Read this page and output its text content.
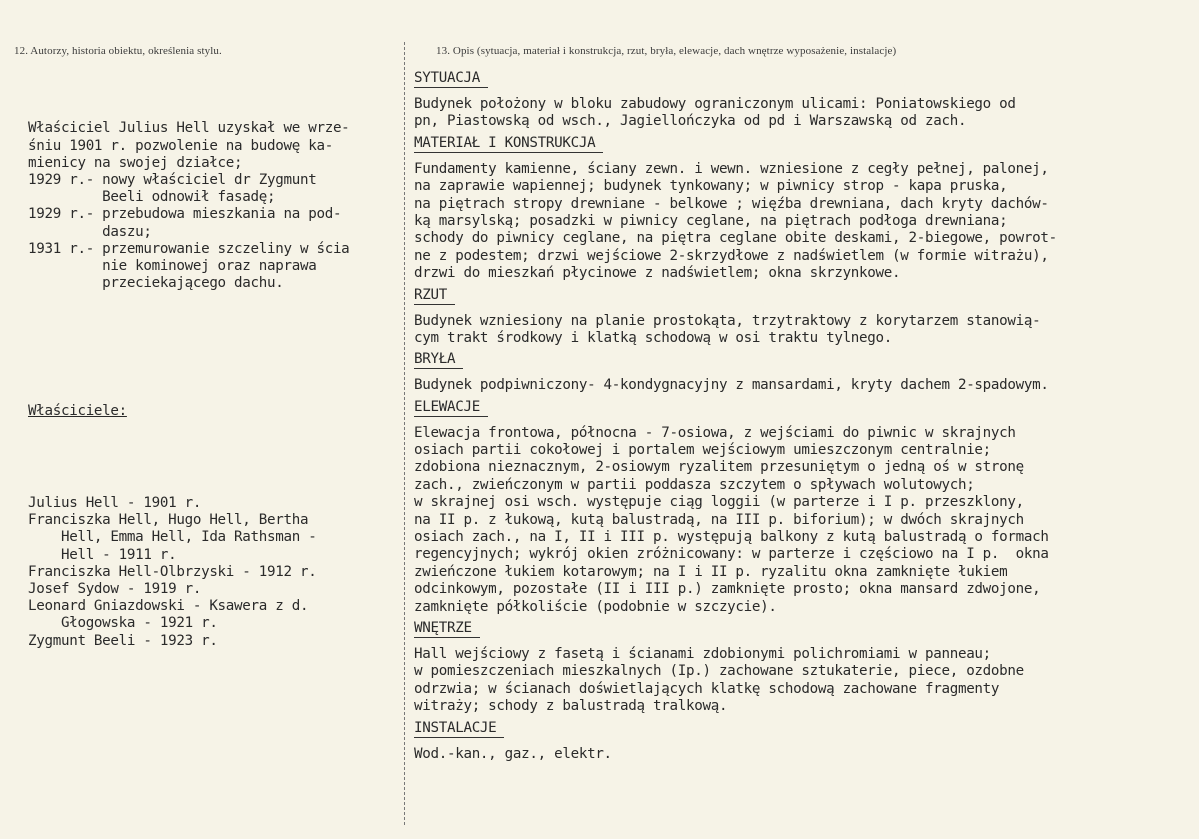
12. Autorzy, historia obiektu, określenia stylu.	13. Opis (sytuacja, materiał i konstrukcja, rzut, bryła, elewacje, dach wnętrze wyposażenie, instalacje)

Właściciel Julius Hell uzyskał we wrze-
śniu 1901 r. pozwolenie na budowę ka-
mienicy na swojej działce;
1929 r.- nowy właściciel dr Zygmunt
Beeli odnowił fasadę;
1929 r.- przebudowa mieszkania na pod-
daszu;
1931 r.- przemurowanie szczeliny w ścia
nie kominowej oraz naprawa
przeciekającego dachu.

Właściciele:

Julius Hell - 1901 r.
Franciszka Hell, Hugo Hell, Bertha
Hell, Emma Hell, Ida Rathsman -
Hell - 1911 r.
Franciszka Hell-Olbrzyski - 1912 r.
Josef Sydow - 1919 r.
Leonard Gniazdowski - Ksawera z d.
Głogowska - 1921 r.
Zygmunt Beeli - 1923 r.

SYTUACJA
Budynek położony w bloku zabudowy ograniczonym ulicami: Poniatowskiego od
pn, Piastowską od wsch., Jagiellończyka od pd i Warszawską od zach.
MATERIAŁ I KONSTRUKCJA
Fundamenty kamienne, ściany zewn. i wewn. wzniesione z cegły pełnej, palonej,
na zaprawie wapiennej; budynek tynkowany; w piwnicy strop - kapa pruska,
na piętrach stropy drewniane - belkowe ; więźba drewniana, dach kryty dachów-
ką marsylską; posadzki w piwnicy ceglane, na piętrach podłoga drewniana;
schody do piwnicy ceglane, na piętra ceglane obite deskami, 2-biegowe, powrot-
ne z podestem; drzwi wejściowe 2-skrzydłowe z nadświetlem (w formie witrażu),
drzwi do mieszkań płycinowe z nadświetlem; okna skrzynkowe.
RZUT
Budynek wzniesiony na planie prostokąta, trzytraktowy z korytarzem stanowią-
cym trakt środkowy i klatką schodową w osi traktu tylnego.
BRYŁA
Budynek podpiwniczony- 4-kondygnacyjny z mansardami, kryty dachem 2-spadowym.
ELEWACJE
Elewacja frontowa, północna - 7-osiowa, z wejściami do piwnic w skrajnych
osiach partii cokołowej i portalem wejściowym umieszczonym centralnie;
zdobiona nieznacznym, 2-osiowym ryzalitem przesuniętym o jedną oś w stronę
zach., zwieńczonym w partii poddasza szczytem o spływach wolutowych;
w skrajnej osi wsch. występuje ciąg loggii (w parterze i I p. przeszklony,
na II p. z łukową, kutą balustradą, na III p. biforium); w dwóch skrajnych
osiach zach., na I, II i III p. występują balkony z kutą balustradą o formach
regencyjnych; wykrój okien zróżnicowany: w parterze i częściowo na I p.  okna
zwieńczone łukiem kotarowym; na I i II p. ryzalitu okna zamknięte łukiem
odcinkowym, pozostałe (II i III p.) zamknięte prosto; okna mansard zdwojone,
zamknięte półkoliście (podobnie w szczycie).
WNĘTRZE
Hall wejściowy z fasetą i ścianami zdobionymi polichromiami w panneau;
w pomieszczeniach mieszkalnych (Ip.) zachowane sztukaterie, piece, ozdobne
odrzwia; w ścianach doświetlających klatkę schodową zachowane fragmenty
witraży; schody z balustradą tralkową.
INSTALACJE
Wod.-kan., gaz., elektr.
